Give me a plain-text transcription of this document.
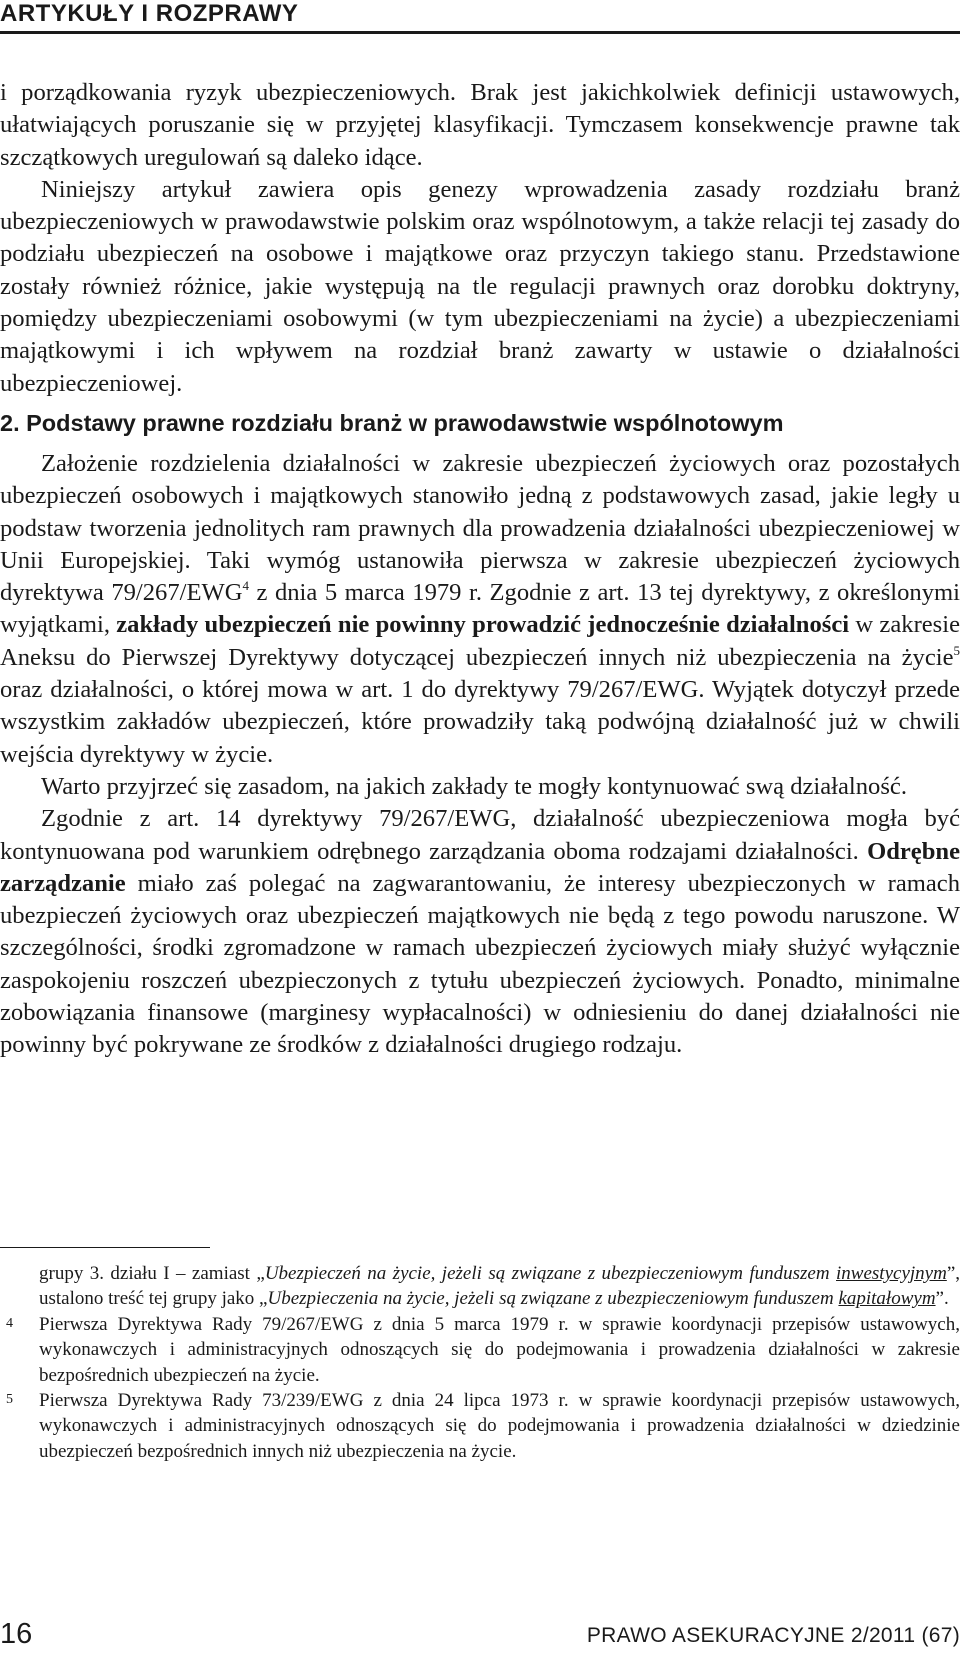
ARTYKUŁY I ROZPRAWY

i porządkowania ryzyk ubezpieczeniowych. Brak jest jakichkolwiek definicji ustawowych, ułatwiających poruszanie się w przyjętej klasyfikacji. Tymczasem konsekwencje prawne tak szczątkowych uregulowań są daleko idące.

Niniejszy artykuł zawiera opis genezy wprowadzenia zasady rozdziału branż ubezpieczeniowych w prawodawstwie polskim oraz wspólnotowym, a także relacji tej zasady do podziału ubezpieczeń na osobowe i majątkowe oraz przyczyn takiego stanu. Przedstawione zostały również różnice, jakie występują na tle regulacji prawnych oraz dorobku doktryny, pomiędzy ubezpieczeniami osobowymi (w tym ubezpieczeniami na życie) a ubezpieczeniami majątkowymi i ich wpływem na rozdział branż zawarty w ustawie o działalności ubezpieczeniowej.

2. Podstawy prawne rozdziału branż w prawodawstwie wspólnotowym

Założenie rozdzielenia działalności w zakresie ubezpieczeń życiowych oraz pozostałych ubezpieczeń osobowych i majątkowych stanowiło jedną z podstawowych zasad, jakie legły u podstaw tworzenia jednolitych ram prawnych dla prowadzenia działalności ubezpieczeniowej w Unii Europejskiej. Taki wymóg ustanowiła pierwsza w zakresie ubezpieczeń życiowych dyrektywa 79/267/EWG$^4$ z dnia 5 marca 1979 r. Zgodnie z art. 13 tej dyrektywy, z określonymi wyjątkami, zakłady ubezpieczeń nie powinny prowadzić jednocześnie działalności w zakresie Aneksu do Pierwszej Dyrektywy dotyczącej ubezpieczeń innych niż ubezpieczenia na życie$^5$ oraz działalności, o której mowa w art. 1 do dyrektywy 79/267/EWG. Wyjątek dotyczył przede wszystkim zakładów ubezpieczeń, które prowadziły taką podwójną działalność już w chwili wejścia dyrektywy w życie.

Warto przyjrzeć się zasadom, na jakich zakłady te mogły kontynuować swą działalność.

Zgodnie z art. 14 dyrektywy 79/267/EWG, działalność ubezpieczeniowa mogła być kontynuowana pod warunkiem odrębnego zarządzania oboma rodzajami działalności. Odrębne zarządzanie miało zaś polegać na zagwarantowaniu, że interesy ubezpieczonych w ramach ubezpieczeń życiowych oraz ubezpieczeń majątkowych nie będą z tego powodu naruszone. W szczególności, środki zgromadzone w ramach ubezpieczeń życiowych miały służyć wyłącznie zaspokojeniu roszczeń ubezpieczonych z tytułu ubezpieczeń życiowych. Ponadto, minimalne zobowiązania finansowe (marginesy wypłacalności) w odniesieniu do danej działalności nie powinny być pokrywane ze środków z działalności drugiego rodzaju.

grupy 3. działu I – zamiast „Ubezpieczeń na życie, jeżeli są związane z ubezpieczeniowym funduszem inwestycyjnym”, ustalono treść tej grupy jako „Ubezpieczenia na życie, jeżeli są związane z ubezpieczeniowym funduszem kapitałowym”.

4 Pierwsza Dyrektywa Rady 79/267/EWG z dnia 5 marca 1979 r. w sprawie koordynacji przepisów ustawowych, wykonawczych i administracyjnych odnoszących się do podejmowania i prowadzenia działalności w zakresie bezpośrednich ubezpieczeń na życie.

5 Pierwsza Dyrektywa Rady 73/239/EWG z dnia 24 lipca 1973 r. w sprawie koordynacji przepisów ustawowych, wykonawczych i administracyjnych odnoszących się do podejmowania i prowadzenia działalności w dziedzinie ubezpieczeń bezpośrednich innych niż ubezpieczenia na życie.

16	PRAWO ASEKURACYJNE 2/2011 (67)
